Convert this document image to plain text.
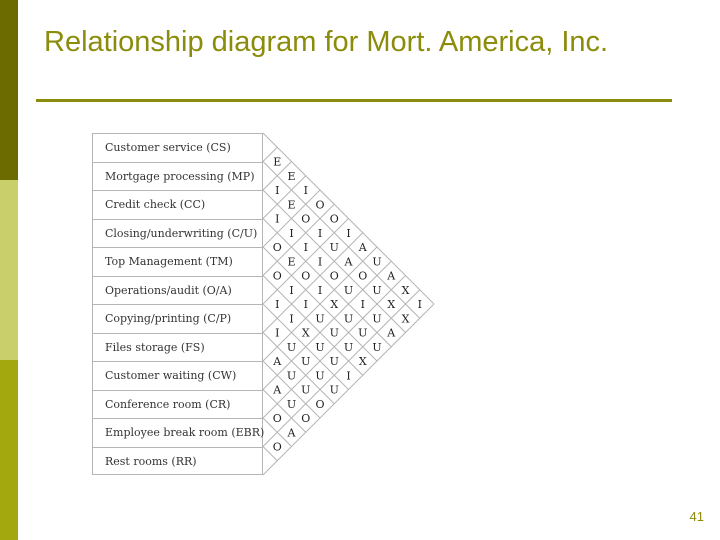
Relationship diagram for Mort. America, Inc.
Customer service (CS)
Mortgage processing (MP)
Credit check (CC)
Closing/underwriting (C/U)
Top Management (TM)
Operations/audit (O/A)
Copying/printing (C/P)
Files storage (FS)
Customer waiting (CW)
Conference room (CR)
Employee break room (EBR)
Rest rooms (RR)
E
E
I
O
O
I
A
U
A
X
I
I
E
O
I
U
A
O
U
X
X
I
I
I
I
O
U
I
U
A
O
E
O
I
X
U
U
U
O
I
I
U
U
U
X
I
I
X
U
U
I
I
U
U
U
U
A
U
U
O
A
U
O
O
A
O
41
